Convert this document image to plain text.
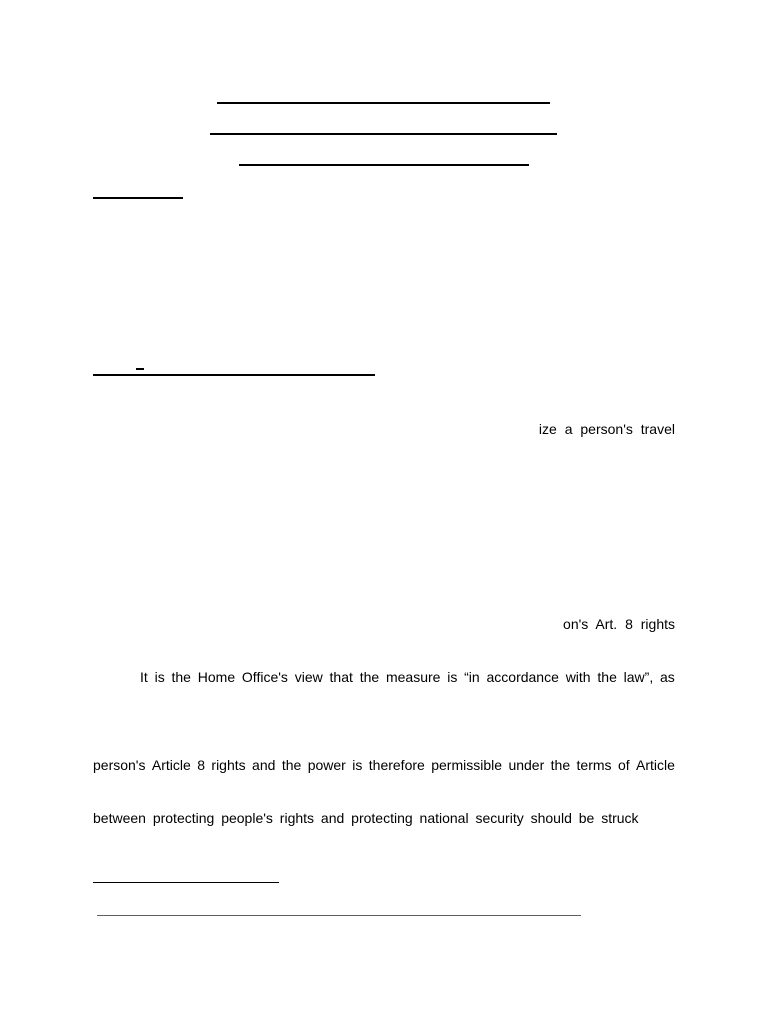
ize a person's travel
on's Art. 8 rights
It is the Home Office's view that the measure is “in accordance with the law”, as
person's Article 8 rights and the power is therefore permissible under the terms of Article
between protecting people's rights and protecting national security should be struck
